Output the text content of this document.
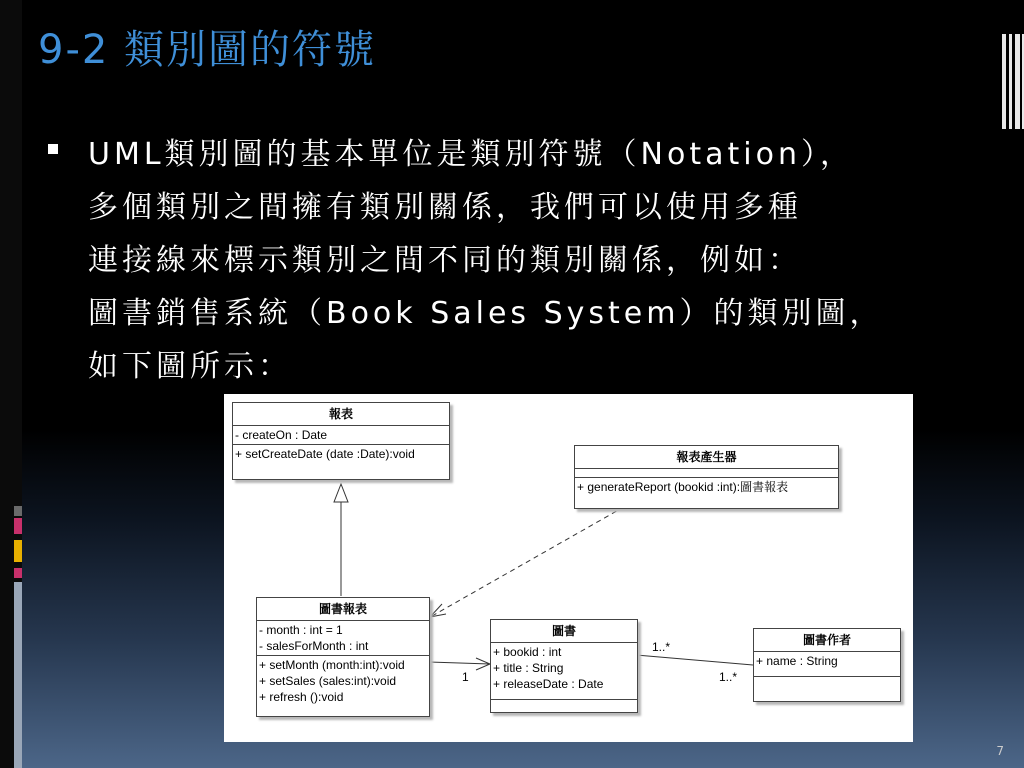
9-2 類別圖的符號
UML類別圖的基本單位是類別符號（Notation），
多個類別之間擁有類別關係，我們可以使用多種
連接線來標示類別之間不同的類別關係，例如：
圖書銷售系統（Book Sales System）的類別圖，
如下圖所示：
報表
- createOn : Date
+ setCreateDate (date :Date):void	報表產生器
+ generateReport (bookid :int):圖書報表
圖書報表
- month : int = 1
- salesForMonth : int
+ setMonth (month:int):void
+ setSales (sales:int):void
+ refresh ():void
圖書
+ bookid : int
+ title : String
+ releaseDate : Date
圖書作者
+ name : String
1
1..*
1..*
7
